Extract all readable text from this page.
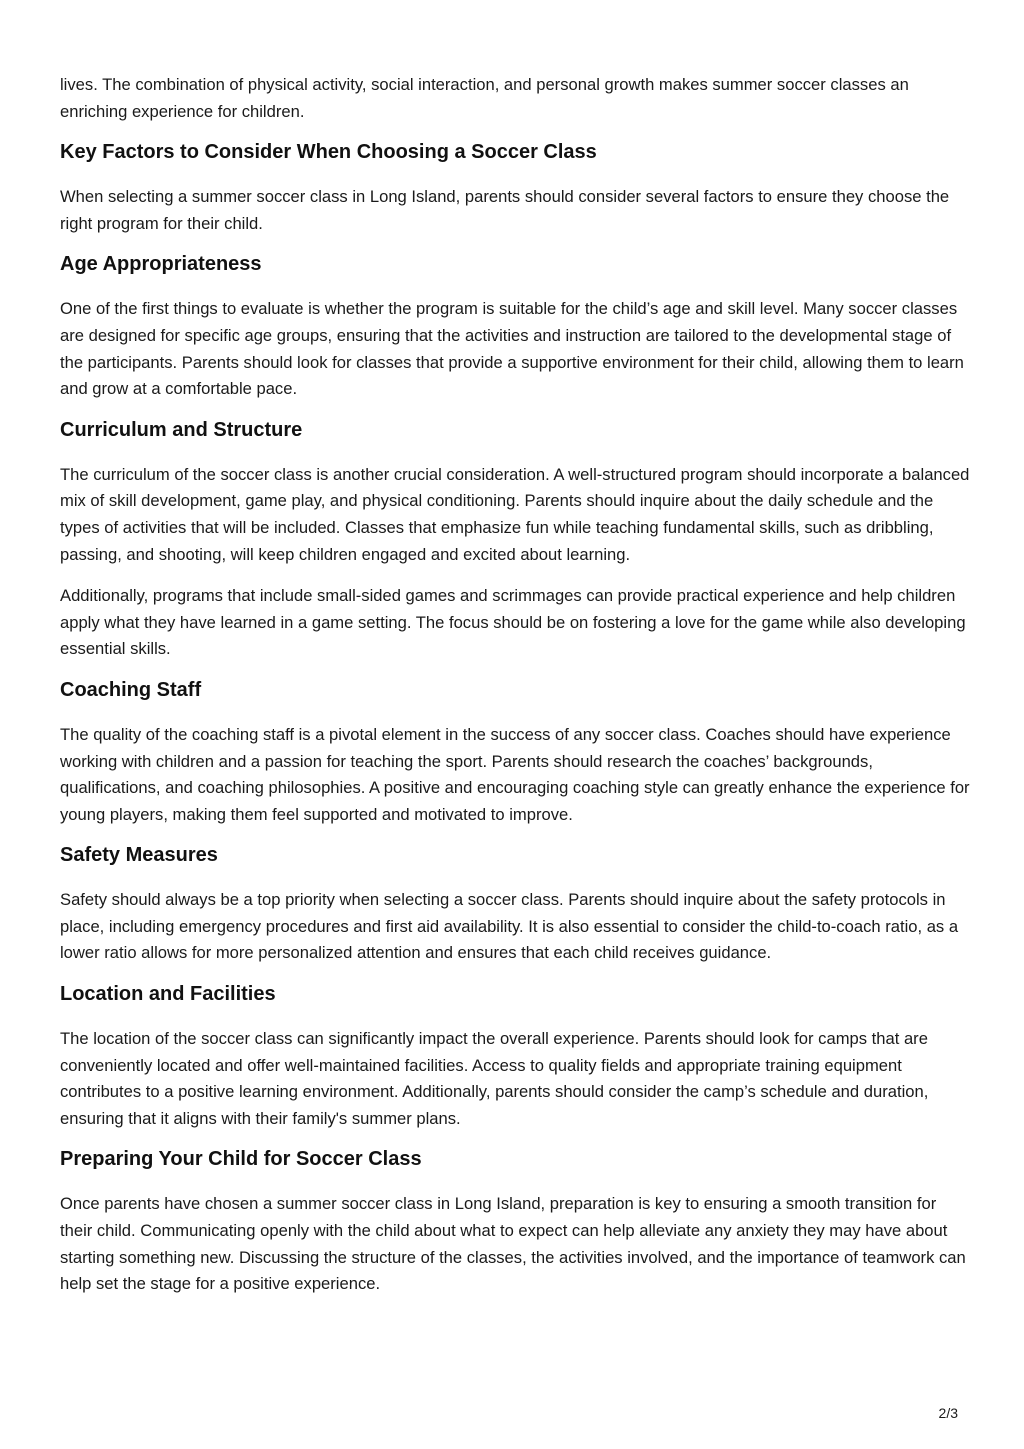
lives. The combination of physical activity, social interaction, and personal growth makes summer soccer classes an enriching experience for children.

Key Factors to Consider When Choosing a Soccer Class

When selecting a summer soccer class in Long Island, parents should consider several factors to ensure they choose the right program for their child.

Age Appropriateness

One of the first things to evaluate is whether the program is suitable for the child’s age and skill level. Many soccer classes are designed for specific age groups, ensuring that the activities and instruction are tailored to the developmental stage of the participants. Parents should look for classes that provide a supportive environment for their child, allowing them to learn and grow at a comfortable pace.

Curriculum and Structure

The curriculum of the soccer class is another crucial consideration. A well-structured program should incorporate a balanced mix of skill development, game play, and physical conditioning. Parents should inquire about the daily schedule and the types of activities that will be included. Classes that emphasize fun while teaching fundamental skills, such as dribbling, passing, and shooting, will keep children engaged and excited about learning.

Additionally, programs that include small-sided games and scrimmages can provide practical experience and help children apply what they have learned in a game setting. The focus should be on fostering a love for the game while also developing essential skills.

Coaching Staff

The quality of the coaching staff is a pivotal element in the success of any soccer class. Coaches should have experience working with children and a passion for teaching the sport. Parents should research the coaches’ backgrounds, qualifications, and coaching philosophies. A positive and encouraging coaching style can greatly enhance the experience for young players, making them feel supported and motivated to improve.

Safety Measures

Safety should always be a top priority when selecting a soccer class. Parents should inquire about the safety protocols in place, including emergency procedures and first aid availability. It is also essential to consider the child-to-coach ratio, as a lower ratio allows for more personalized attention and ensures that each child receives guidance.

Location and Facilities

The location of the soccer class can significantly impact the overall experience. Parents should look for camps that are conveniently located and offer well-maintained facilities. Access to quality fields and appropriate training equipment contributes to a positive learning environment. Additionally, parents should consider the camp’s schedule and duration, ensuring that it aligns with their family's summer plans.

Preparing Your Child for Soccer Class

Once parents have chosen a summer soccer class in Long Island, preparation is key to ensuring a smooth transition for their child. Communicating openly with the child about what to expect can help alleviate any anxiety they may have about starting something new. Discussing the structure of the classes, the activities involved, and the importance of teamwork can help set the stage for a positive experience.

2/3
